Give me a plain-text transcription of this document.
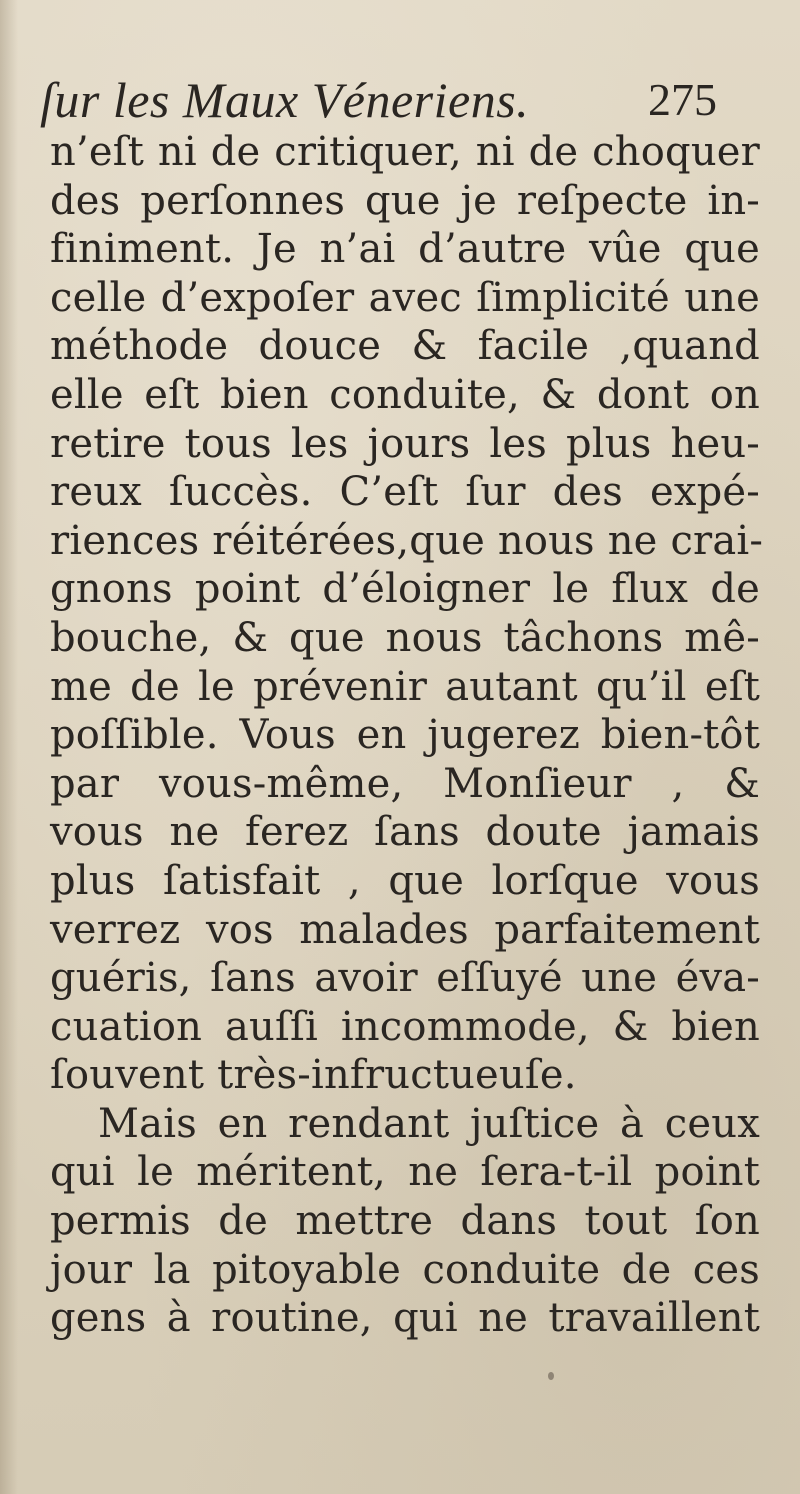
ſur les Maux Véneriens.	275
n’eſt ni de critiquer, ni de choquer
des perſonnes que je reſpecte in-
finiment. Je n’ai d’autre vûe que
celle d’expoſer avec ſimplicité une
méthode douce & facile ,quand
elle eſt bien conduite, & dont on
retire tous les jours les plus heu-
reux ſuccès. C’eſt ſur des expé-
riences réitérées,que nous ne crai-
gnons point d’éloigner le flux de
bouche, & que nous tâchons mê-
me de le prévenir autant qu’il eſt
poſſible. Vous en jugerez bien-tôt
par vous-même, Monſieur , &
vous ne ferez ſans doute jamais
plus ſatisfait , que lorſque vous
verrez vos malades parfaitement
guéris, ſans avoir eſſuyé une éva-
cuation auſſi incommode, & bien
ſouvent très-infructueuſe.
Mais en rendant juſtice à ceux
qui le méritent, ne ſera-t-il point
permis de mettre dans tout ſon
jour la pitoyable conduite de ces
gens à routine, qui ne travaillent
